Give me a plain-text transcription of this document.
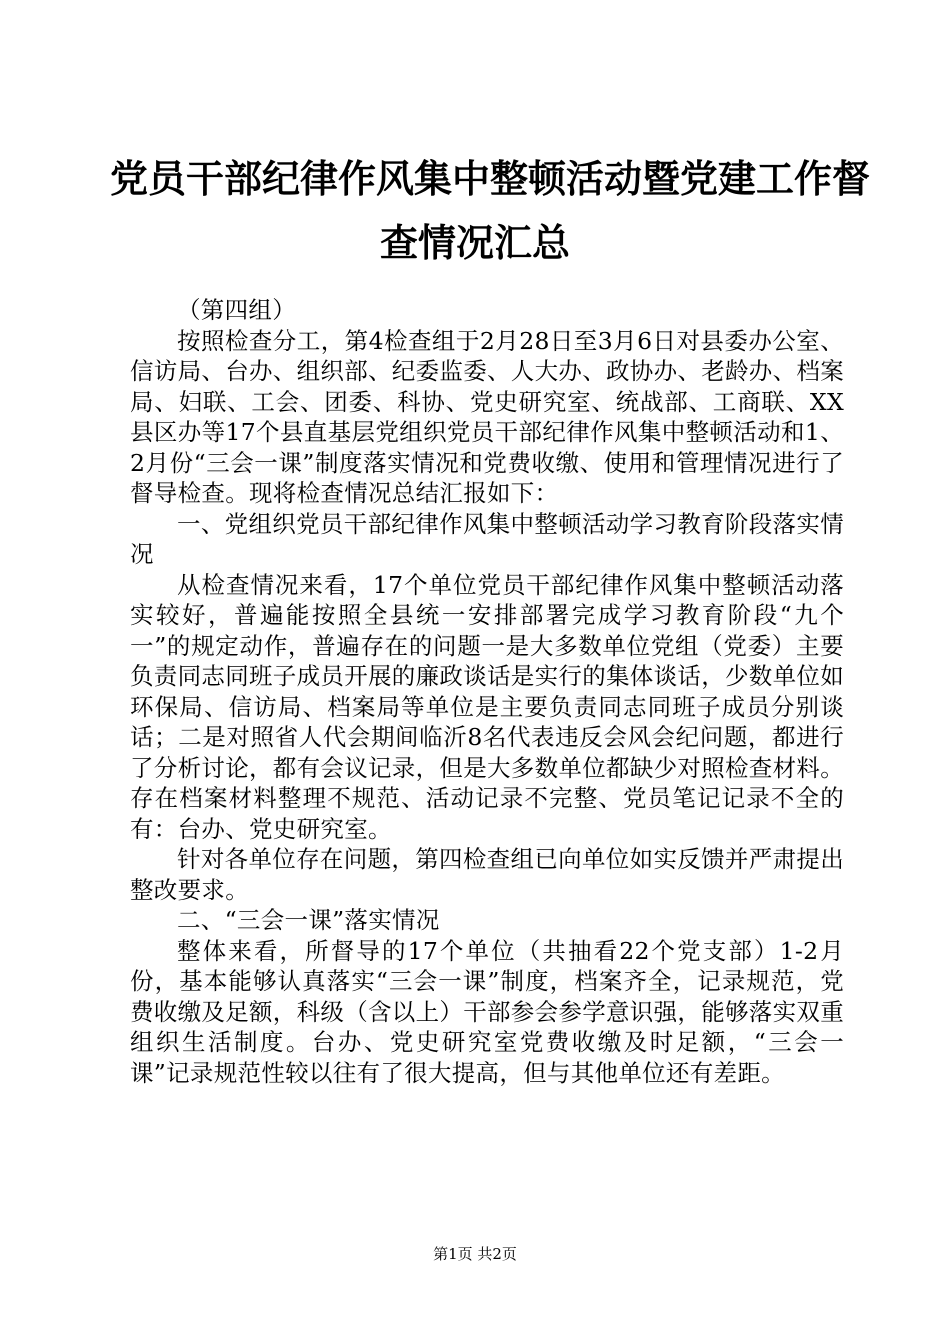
党员干部纪律作风集中整顿活动暨党建工作督
查情况汇总

（第四组）

按照检查分工，第4检查组于2月28日至3月6日对县委办公室、信访局、台办、组织部、纪委监委、人大办、政协办、老龄办、档案局、妇联、工会、团委、科协、党史研究室、统战部、工商联、XX县区办等17个县直基层党组织党员干部纪律作风集中整顿活动和1、2月份“三会一课”制度落实情况和党费收缴、使用和管理情况进行了督导检查。现将检查情况总结汇报如下：

一、党组织党员干部纪律作风集中整顿活动学习教育阶段落实情况

从检查情况来看，17个单位党员干部纪律作风集中整顿活动落实较好，普遍能按照全县统一安排部署完成学习教育阶段“九个一”的规定动作，普遍存在的问题一是大多数单位党组（党委）主要负责同志同班子成员开展的廉政谈话是实行的集体谈话，少数单位如环保局、信访局、档案局等单位是主要负责同志同班子成员分别谈话；二是对照省人代会期间临沂8名代表违反会风会纪问题，都进行了分析讨论，都有会议记录，但是大多数单位都缺少对照检查材料。存在档案材料整理不规范、活动记录不完整、党员笔记记录不全的有：台办、党史研究室。

针对各单位存在问题，第四检查组已向单位如实反馈并严肃提出整改要求。

二、“三会一课”落实情况

整体来看，所督导的17个单位（共抽看22个党支部）1-2月份，基本能够认真落实“三会一课”制度，档案齐全，记录规范，党费收缴及足额，科级（含以上）干部参会参学意识强，能够落实双重组织生活制度。台办、党史研究室党费收缴及时足额，“三会一课”记录规范性较以往有了很大提高，但与其他单位还有差距。

第1页 共2页
